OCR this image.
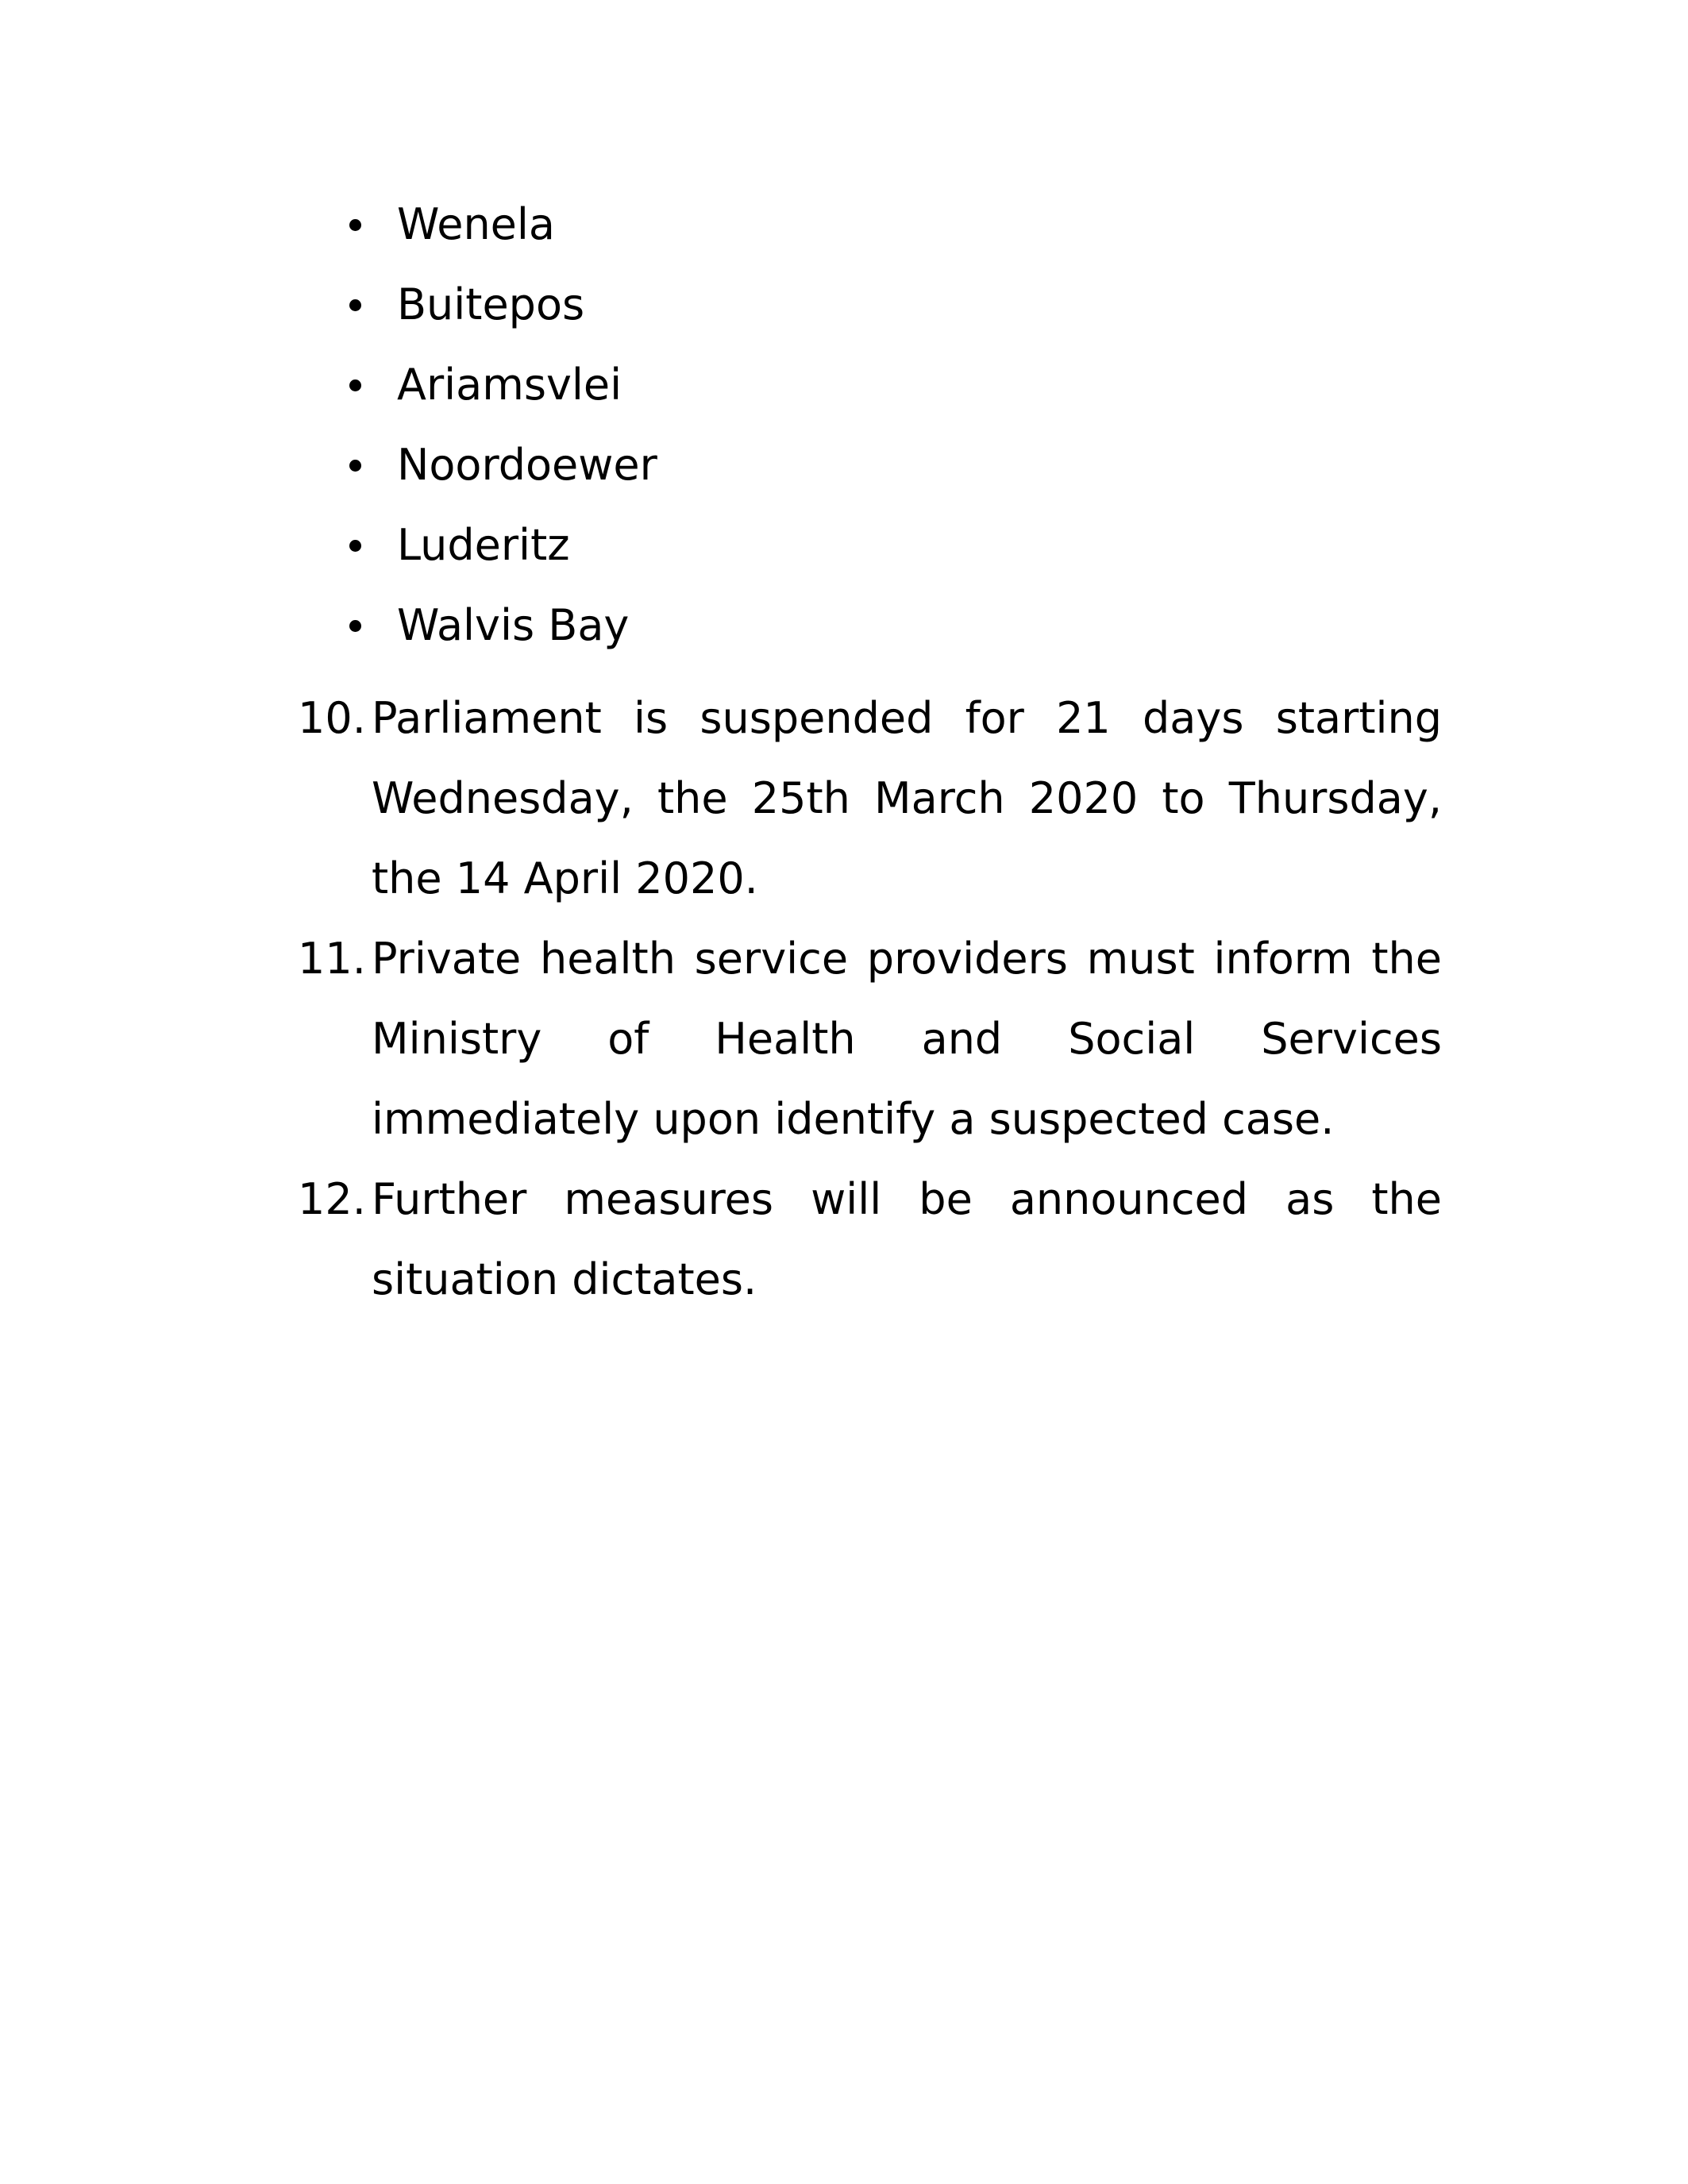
Wenela
Buitepos
Ariamsvlei
Noordoewer
Luderitz
Walvis Bay
10. Parliament is suspended for 21 days starting Wednesday, the 25th March 2020 to Thursday, the 14 April 2020.
11. Private health service providers must inform the Ministry of Health and Social Services immediately upon identify a suspected case.
12. Further measures will be announced as the situation dictates.
